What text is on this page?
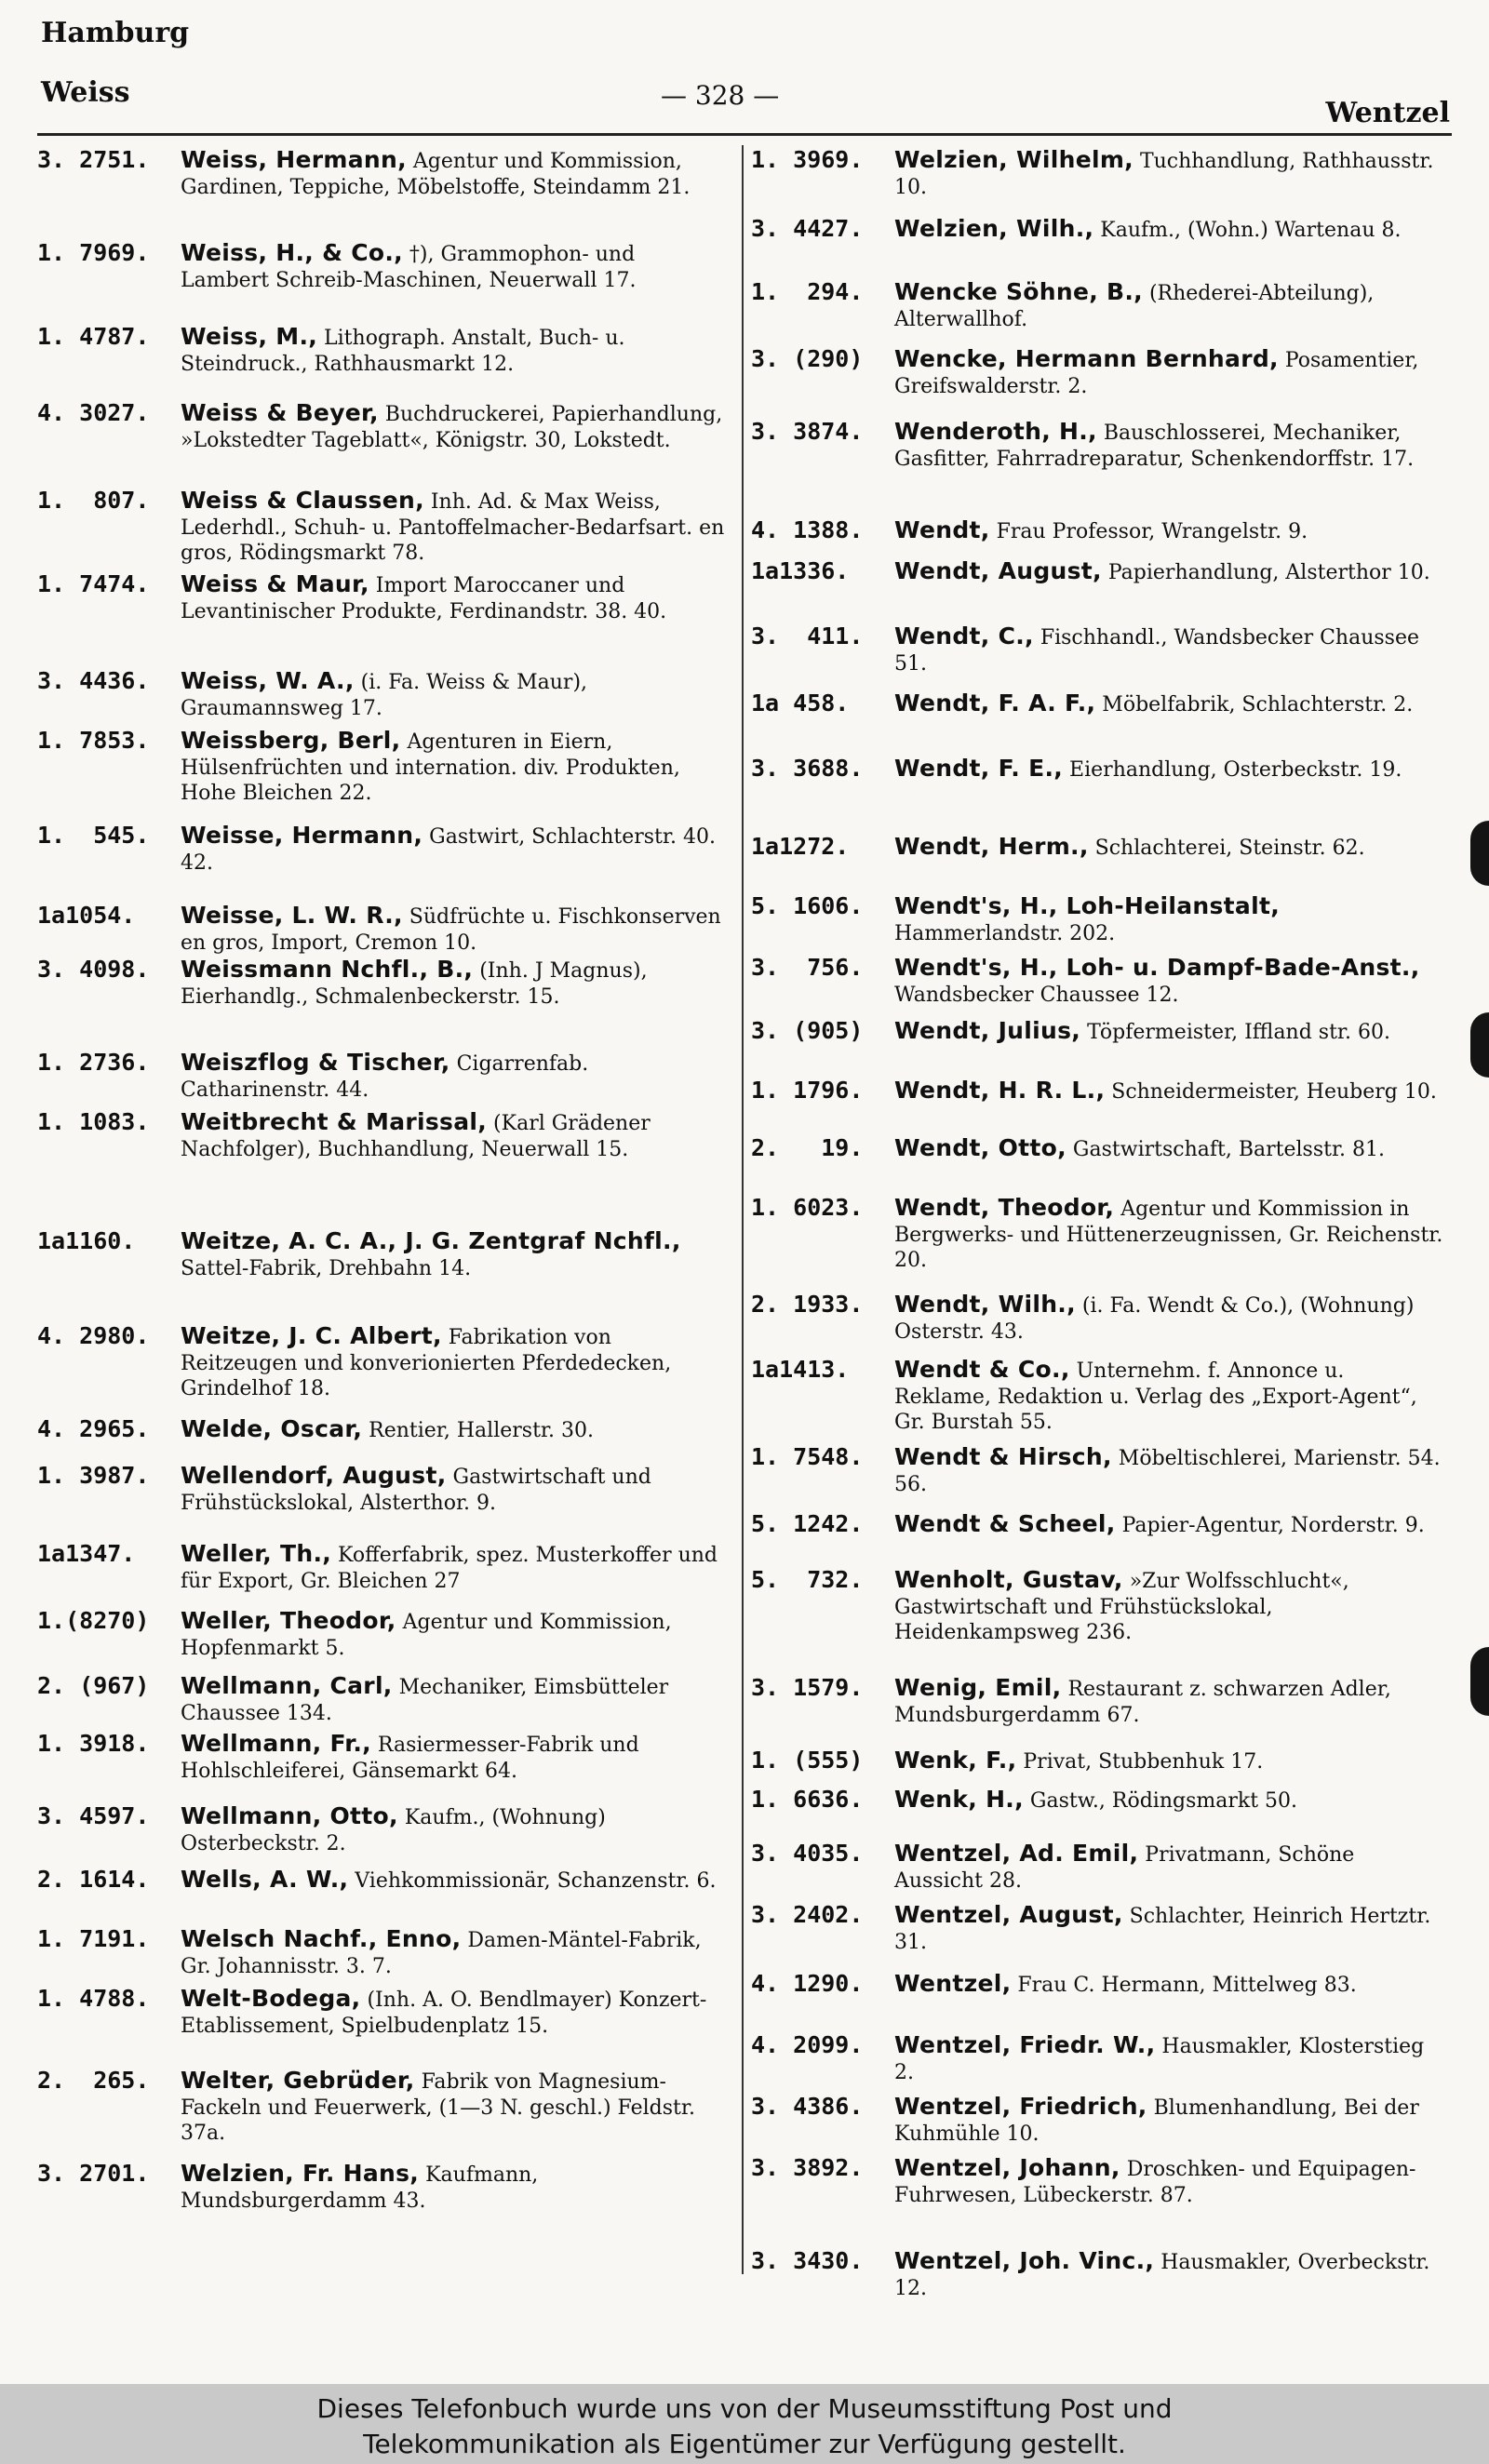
Hamburg
Weiss	— 328 —
Wentzel
3. 2751.	Weiss, Hermann, Agentur und Kommission, Gardinen, Teppiche, Möbelstoffe, Steindamm 21.
1. 7969.	Weiss, H., & Co., †), Grammophon- und Lambert Schreib-Maschinen, Neuerwall 17.
1. 4787.	Weiss, M., Lithograph. Anstalt, Buch- u. Steindruck., Rathhausmarkt 12.
4. 3027.	Weiss & Beyer, Buchdruckerei, Papierhandlung, »Lokstedter Tageblatt«, Königstr. 30, Lokstedt.
1.  807.	Weiss & Claussen, Inh. Ad. & Max Weiss, Lederhdl., Schuh- u. Pantoffelmacher-Bedarfsart. en gros, Rödingsmarkt 78.
1. 7474.	Weiss & Maur, Import Maroccaner und Levantinischer Produkte, Ferdinandstr. 38. 40.
3. 4436.	Weiss, W. A., (i. Fa. Weiss & Maur), Graumannsweg 17.
1. 7853.	Weissberg, Berl, Agenturen in Eiern, Hülsenfrüchten und internation. div. Produkten, Hohe Bleichen 22.
1.  545.	Weisse, Hermann, Gastwirt, Schlachterstr. 40. 42.
1a1054.	Weisse, L. W. R., Südfrüchte u. Fischkonserven en gros, Import, Cremon 10.
3. 4098.	Weissmann Nchfl., B., (Inh. J Magnus), Eierhandlg., Schmalenbeckerstr. 15.
1. 2736.	Weiszflog & Tischer, Cigarrenfab. Catharinenstr. 44.
1. 1083.	Weitbrecht & Marissal, (Karl Grädener Nachfolger), Buchhandlung, Neuerwall 15.
1a1160.	Weitze, A. C. A., J. G. Zentgraf Nchfl., Sattel-Fabrik, Drehbahn 14.
4. 2980.	Weitze, J. C. Albert, Fabrikation von Reitzeugen und konverionierten Pferdedecken, Grindelhof 18.
4. 2965.	Welde, Oscar, Rentier, Hallerstr. 30.
1. 3987.	Wellendorf, August, Gastwirtschaft und Frühstückslokal, Alsterthor. 9.
1a1347.	Weller, Th., Kofferfabrik, spez. Musterkoffer und für Export, Gr. Bleichen 27
1.(8270)	Weller, Theodor, Agentur und Kommission, Hopfenmarkt 5.
2. (967)	Wellmann, Carl, Mechaniker, Eimsbütteler Chaussee 134.
1. 3918.	Wellmann, Fr., Rasiermesser-Fabrik und Hohlschleiferei, Gänsemarkt 64.
3. 4597.	Wellmann, Otto, Kaufm., (Wohnung) Osterbeckstr. 2.
2. 1614.	Wells, A. W., Viehkommissionär, Schanzenstr. 6.
1. 7191.	Welsch Nachf., Enno, Damen-Mäntel-Fabrik, Gr. Johannisstr. 3. 7.
1. 4788.	Welt-Bodega, (Inh. A. O. Bendlmayer) Konzert-Etablissement, Spielbudenplatz 15.
2.  265.	Welter, Gebrüder, Fabrik von Magnesium-Fackeln und Feuerwerk, (1—3 N. geschl.) Feldstr. 37a.
3. 2701.	Welzien, Fr. Hans, Kaufmann, Mundsburgerdamm 43.
1. 3969.	Welzien, Wilhelm, Tuchhandlung, Rathhausstr. 10.
3. 4427.	Welzien, Wilh., Kaufm., (Wohn.) Wartenau 8.
1.  294.	Wencke Söhne, B., (Rhederei-Abteilung), Alterwallhof.
3. (290)	Wencke, Hermann Bernhard, Posamentier, Greifswalderstr. 2.
3. 3874.	Wenderoth, H., Bauschlosserei, Mechaniker, Gasfitter, Fahrradreparatur, Schenkendorffstr. 17.
4. 1388.	Wendt, Frau Professor, Wrangelstr. 9.
1a1336.	Wendt, August, Papierhandlung, Alsterthor 10.
3.  411.	Wendt, C., Fischhandl., Wandsbecker Chaussee 51.
1a 458.	Wendt, F. A. F., Möbelfabrik, Schlachterstr. 2.
3. 3688.	Wendt, F. E., Eierhandlung, Osterbeckstr. 19.
1a1272.	Wendt, Herm., Schlachterei, Steinstr. 62.
5. 1606.	Wendt's, H., Loh-Heilanstalt, Hammerlandstr. 202.
3.  756.	Wendt's, H., Loh- u. Dampf-Bade-Anst., Wandsbecker Chaussee 12.
3. (905)	Wendt, Julius, Töpfermeister, Iffland str. 60.
1. 1796.	Wendt, H. R. L., Schneidermeister, Heuberg 10.
2.   19.	Wendt, Otto, Gastwirtschaft, Bartelsstr. 81.
1. 6023.	Wendt, Theodor, Agentur und Kommission in Bergwerks- und Hüttenerzeugnissen, Gr. Reichenstr. 20.
2. 1933.	Wendt, Wilh., (i. Fa. Wendt & Co.), (Wohnung) Osterstr. 43.
1a1413.	Wendt & Co., Unternehm. f. Annonce u. Reklame, Redaktion u. Verlag des „Export-Agent“, Gr. Burstah 55.
1. 7548.	Wendt & Hirsch, Möbeltischlerei, Marienstr. 54. 56.
5. 1242.	Wendt & Scheel, Papier-Agentur, Norderstr. 9.
5.  732.	Wenholt, Gustav, »Zur Wolfsschlucht«, Gastwirtschaft und Frühstückslokal, Heidenkampsweg 236.
3. 1579.	Wenig, Emil, Restaurant z. schwarzen Adler, Mundsburgerdamm 67.
1. (555)	Wenk, F., Privat, Stubbenhuk 17.
1. 6636.	Wenk, H., Gastw., Rödingsmarkt 50.
3. 4035.	Wentzel, Ad. Emil, Privatmann, Schöne Aussicht 28.
3. 2402.	Wentzel, August, Schlachter, Heinrich Hertztr. 31.
4. 1290.	Wentzel, Frau C. Hermann, Mittelweg 83.
4. 2099.	Wentzel, Friedr. W., Hausmakler, Klosterstieg 2.
3. 4386.	Wentzel, Friedrich, Blumenhandlung, Bei der Kuhmühle 10.
3. 3892.	Wentzel, Johann, Droschken- und Equipagen-Fuhrwesen, Lübeckerstr. 87.
3. 3430.	Wentzel, Joh. Vinc., Hausmakler, Overbeckstr. 12.
Dieses Telefonbuch wurde uns von der Museumsstiftung Post und
Telekommunikation als Eigentümer zur Verfügung gestellt.
